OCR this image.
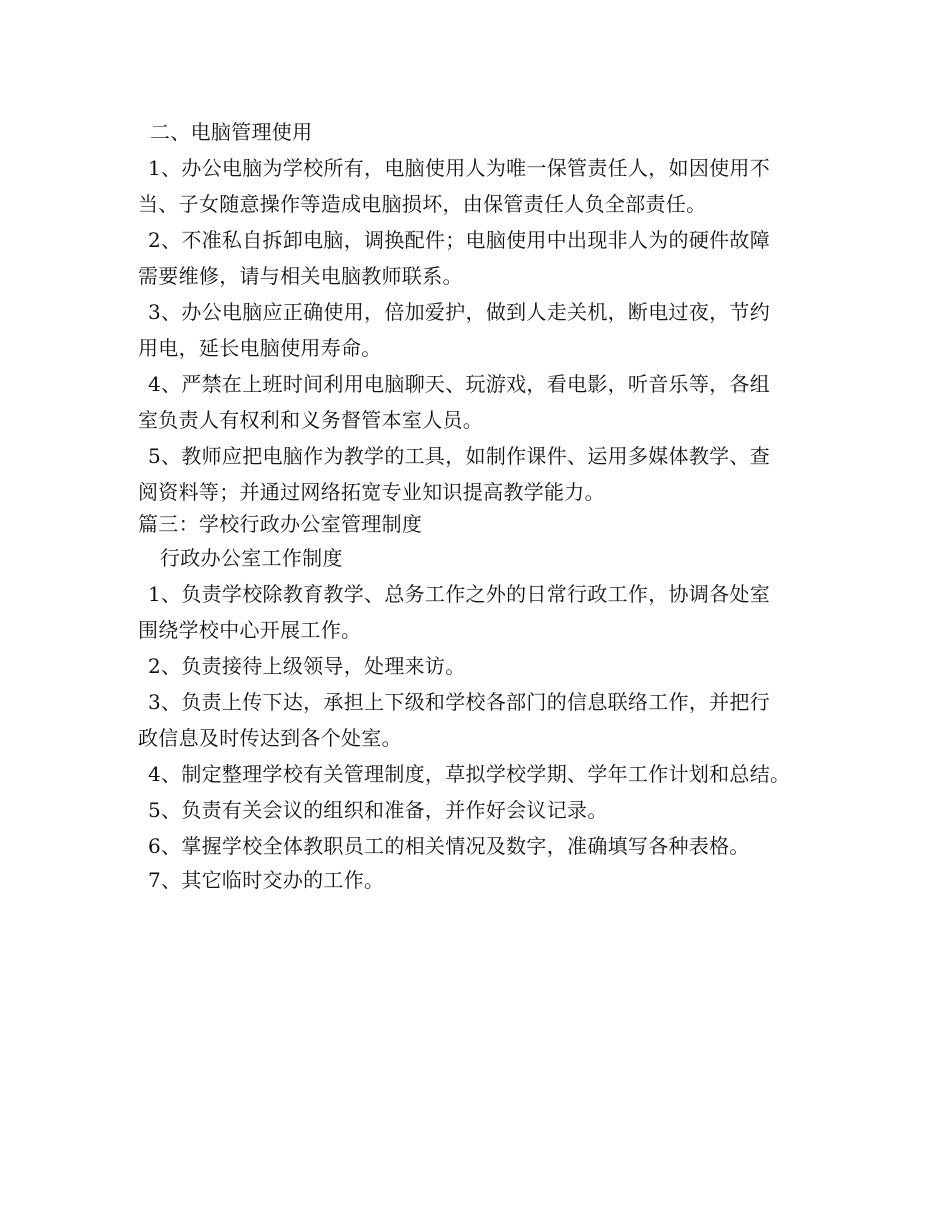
二、电脑管理使用
1、办公电脑为学校所有，电脑使用人为唯一保管责任人，如因使用不
当、子女随意操作等造成电脑损坏，由保管责任人负全部责任。
2、不准私自拆卸电脑，调换配件；电脑使用中出现非人为的硬件故障
需要维修，请与相关电脑教师联系。
3、办公电脑应正确使用，倍加爱护，做到人走关机，断电过夜，节约
用电，延长电脑使用寿命。
4、严禁在上班时间利用电脑聊天、玩游戏，看电影，听音乐等，各组
室负责人有权利和义务督管本室人员。
5、教师应把电脑作为教学的工具，如制作课件、运用多媒体教学、查
阅资料等；并通过网络拓宽专业知识提高教学能力。
篇三：学校行政办公室管理制度
行政办公室工作制度
1、负责学校除教育教学、总务工作之外的日常行政工作，协调各处室
围绕学校中心开展工作。
2、负责接待上级领导，处理来访。
3、负责上传下达，承担上下级和学校各部门的信息联络工作，并把行
政信息及时传达到各个处室。
4、制定整理学校有关管理制度，草拟学校学期、学年工作计划和总结。
5、负责有关会议的组织和准备，并作好会议记录。
6、掌握学校全体教职员工的相关情况及数字，准确填写各种表格。
7、其它临时交办的工作。
